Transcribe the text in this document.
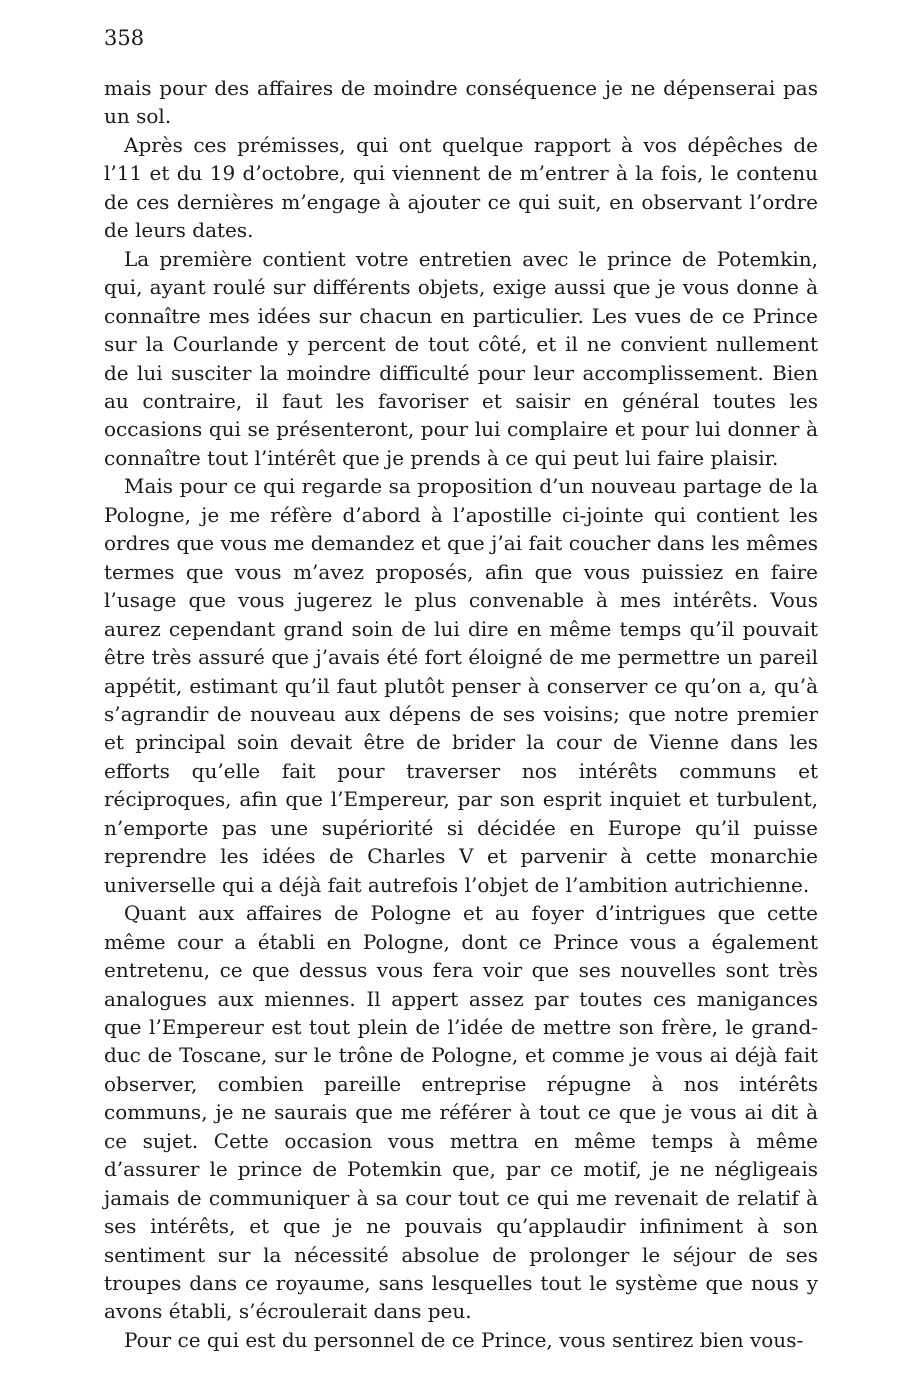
358

mais pour des affaires de moindre conséquence je ne dépenserai pas un sol.

Après ces prémisses, qui ont quelque rapport à vos dépêches de l’11 et du 19 d’octobre, qui viennent de m’entrer à la fois, le contenu de ces dernières m’engage à ajouter ce qui suit, en observant l’ordre de leurs dates.

La première contient votre entretien avec le prince de Potemkin, qui, ayant roulé sur différents objets, exige aussi que je vous donne à connaître mes idées sur chacun en particulier. Les vues de ce Prince sur la Courlande y percent de tout côté, et il ne convient nullement de lui susciter la moindre difficulté pour leur accomplissement. Bien au contraire, il faut les favoriser et saisir en général toutes les occasions qui se présenteront, pour lui complaire et pour lui donner à connaître tout l’intérêt que je prends à ce qui peut lui faire plaisir.

Mais pour ce qui regarde sa proposition d’un nouveau partage de la Pologne, je me réfère d’abord à l’apostille ci-jointe qui contient les ordres que vous me demandez et que j’ai fait coucher dans les mêmes termes que vous m’avez proposés, afin que vous puissiez en faire l’usage que vous jugerez le plus convenable à mes intérêts. Vous aurez cependant grand soin de lui dire en même temps qu’il pouvait être très assuré que j’avais été fort éloigné de me permettre un pareil appétit, estimant qu’il faut plutôt penser à conserver ce qu’on a, qu’à s’agrandir de nouveau aux dépens de ses voisins; que notre premier et principal soin devait être de brider la cour de Vienne dans les efforts qu’elle fait pour traverser nos intérêts communs et réciproques, afin que l’Empereur, par son esprit inquiet et turbulent, n’emporte pas une supériorité si décidée en Europe qu’il puisse reprendre les idées de Charles V et parvenir à cette monarchie universelle qui a déjà fait autrefois l’objet de l’ambition autrichienne.

Quant aux affaires de Pologne et au foyer d’intrigues que cette même cour a établi en Pologne, dont ce Prince vous a également entretenu, ce que dessus vous fera voir que ses nouvelles sont très analogues aux miennes. Il appert assez par toutes ces manigances que l’Empereur est tout plein de l’idée de mettre son frère, le grand-duc de Toscane, sur le trône de Pologne, et comme je vous ai déjà fait observer, combien pareille entreprise répugne à nos intérêts communs, je ne saurais que me référer à tout ce que je vous ai dit à ce sujet. Cette occasion vous mettra en même temps à même d’assurer le prince de Potemkin que, par ce motif, je ne négligeais jamais de communiquer à sa cour tout ce qui me revenait de relatif à ses intérêts, et que je ne pouvais qu’applaudir infiniment à son sentiment sur la nécessité absolue de prolonger le séjour de ses troupes dans ce royaume, sans lesquelles tout le système que nous y avons établi, s’écroulerait dans peu.

Pour ce qui est du personnel de ce Prince, vous sentirez bien vous-
